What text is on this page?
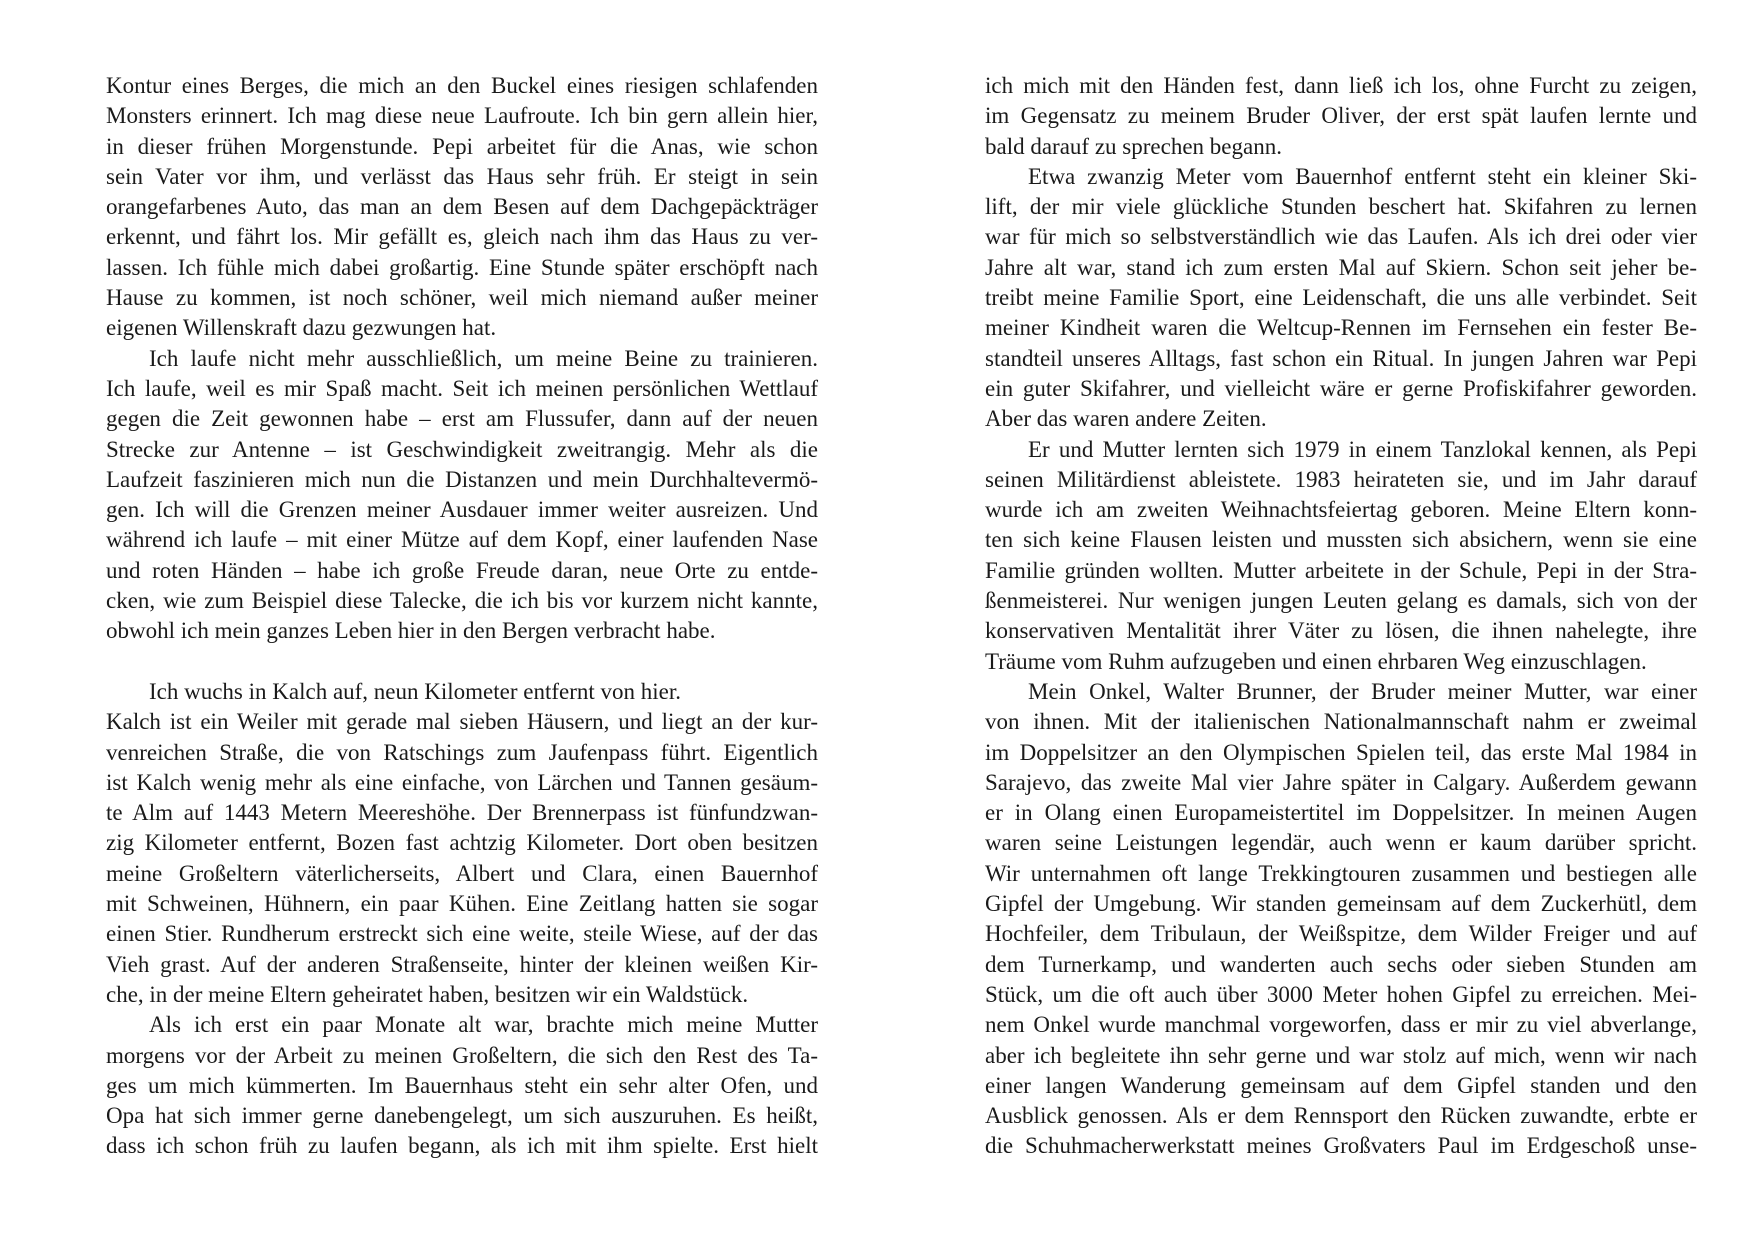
Kontur eines Berges, die mich an den Buckel eines riesigen schlafenden
Monsters erinnert. Ich mag diese neue Laufroute. Ich bin gern allein hier,
in dieser frühen Morgenstunde. Pepi arbeitet für die Anas, wie schon
sein Vater vor ihm, und verlässt das Haus sehr früh. Er steigt in sein
orangefarbenes Auto, das man an dem Besen auf dem Dachgepäckträger
erkennt, und fährt los. Mir gefällt es, gleich nach ihm das Haus zu ver-
lassen. Ich fühle mich dabei großartig. Eine Stunde später erschöpft nach
Hause zu kommen, ist noch schöner, weil mich niemand außer meiner
eigenen Willenskraft dazu gezwungen hat.
Ich laufe nicht mehr ausschließlich, um meine Beine zu trainieren.
Ich laufe, weil es mir Spaß macht. Seit ich meinen persönlichen Wettlauf
gegen die Zeit gewonnen habe – erst am Flussufer, dann auf der neuen
Strecke zur Antenne – ist Geschwindigkeit zweitrangig. Mehr als die
Laufzeit faszinieren mich nun die Distanzen und mein Durchhaltevermö-
gen. Ich will die Grenzen meiner Ausdauer immer weiter ausreizen. Und
während ich laufe – mit einer Mütze auf dem Kopf, einer laufenden Nase
und roten Händen – habe ich große Freude daran, neue Orte zu entde-
cken, wie zum Beispiel diese Talecke, die ich bis vor kurzem nicht kannte,
obwohl ich mein ganzes Leben hier in den Bergen verbracht habe.
Ich wuchs in Kalch auf, neun Kilometer entfernt von hier.
Kalch ist ein Weiler mit gerade mal sieben Häusern, und liegt an der kur-
venreichen Straße, die von Ratschings zum Jaufenpass führt. Eigentlich
ist Kalch wenig mehr als eine einfache, von Lärchen und Tannen gesäum-
te Alm auf 1443 Metern Meereshöhe. Der Brennerpass ist fünfundzwan-
zig Kilometer entfernt, Bozen fast achtzig Kilometer. Dort oben besitzen
meine Großeltern väterlicherseits, Albert und Clara, einen Bauernhof
mit Schweinen, Hühnern, ein paar Kühen. Eine Zeitlang hatten sie sogar
einen Stier. Rundherum erstreckt sich eine weite, steile Wiese, auf der das
Vieh grast. Auf der anderen Straßenseite, hinter der kleinen weißen Kir-
che, in der meine Eltern geheiratet haben, besitzen wir ein Waldstück.
Als ich erst ein paar Monate alt war, brachte mich meine Mutter
morgens vor der Arbeit zu meinen Großeltern, die sich den Rest des Ta-
ges um mich kümmerten. Im Bauernhaus steht ein sehr alter Ofen, und
Opa hat sich immer gerne danebengelegt, um sich auszuruhen. Es heißt,
dass ich schon früh zu laufen begann, als ich mit ihm spielte. Erst hielt
ich mich mit den Händen fest, dann ließ ich los, ohne Furcht zu zeigen,
im Gegensatz zu meinem Bruder Oliver, der erst spät laufen lernte und
bald darauf zu sprechen begann.
Etwa zwanzig Meter vom Bauernhof entfernt steht ein kleiner Ski-
lift, der mir viele glückliche Stunden beschert hat. Skifahren zu lernen
war für mich so selbstverständlich wie das Laufen. Als ich drei oder vier
Jahre alt war, stand ich zum ersten Mal auf Skiern. Schon seit jeher be-
treibt meine Familie Sport, eine Leidenschaft, die uns alle verbindet. Seit
meiner Kindheit waren die Weltcup-Rennen im Fernsehen ein fester Be-
standteil unseres Alltags, fast schon ein Ritual. In jungen Jahren war Pepi
ein guter Skifahrer, und vielleicht wäre er gerne Profiskifahrer geworden.
Aber das waren andere Zeiten.
Er und Mutter lernten sich 1979 in einem Tanzlokal kennen, als Pepi
seinen Militärdienst ableistete. 1983 heirateten sie, und im Jahr darauf
wurde ich am zweiten Weihnachtsfeiertag geboren. Meine Eltern konn-
ten sich keine Flausen leisten und mussten sich absichern, wenn sie eine
Familie gründen wollten. Mutter arbeitete in der Schule, Pepi in der Stra-
ßenmeisterei. Nur wenigen jungen Leuten gelang es damals, sich von der
konservativen Mentalität ihrer Väter zu lösen, die ihnen nahelegte, ihre
Träume vom Ruhm aufzugeben und einen ehrbaren Weg einzuschlagen.
Mein Onkel, Walter Brunner, der Bruder meiner Mutter, war einer
von ihnen. Mit der italienischen Nationalmannschaft nahm er zweimal
im Doppelsitzer an den Olympischen Spielen teil, das erste Mal 1984 in
Sarajevo, das zweite Mal vier Jahre später in Calgary. Außerdem gewann
er in Olang einen Europameistertitel im Doppelsitzer. In meinen Augen
waren seine Leistungen legendär, auch wenn er kaum darüber spricht.
Wir unternahmen oft lange Trekkingtouren zusammen und bestiegen alle
Gipfel der Umgebung. Wir standen gemeinsam auf dem Zuckerhütl, dem
Hochfeiler, dem Tribulaun, der Weißspitze, dem Wilder Freiger und auf
dem Turnerkamp, und wanderten auch sechs oder sieben Stunden am
Stück, um die oft auch über 3000 Meter hohen Gipfel zu erreichen. Mei-
nem Onkel wurde manchmal vorgeworfen, dass er mir zu viel abverlange,
aber ich begleitete ihn sehr gerne und war stolz auf mich, wenn wir nach
einer langen Wanderung gemeinsam auf dem Gipfel standen und den
Ausblick genossen. Als er dem Rennsport den Rücken zuwandte, erbte er
die Schuhmacherwerkstatt meines Großvaters Paul im Erdgeschoß unse-
